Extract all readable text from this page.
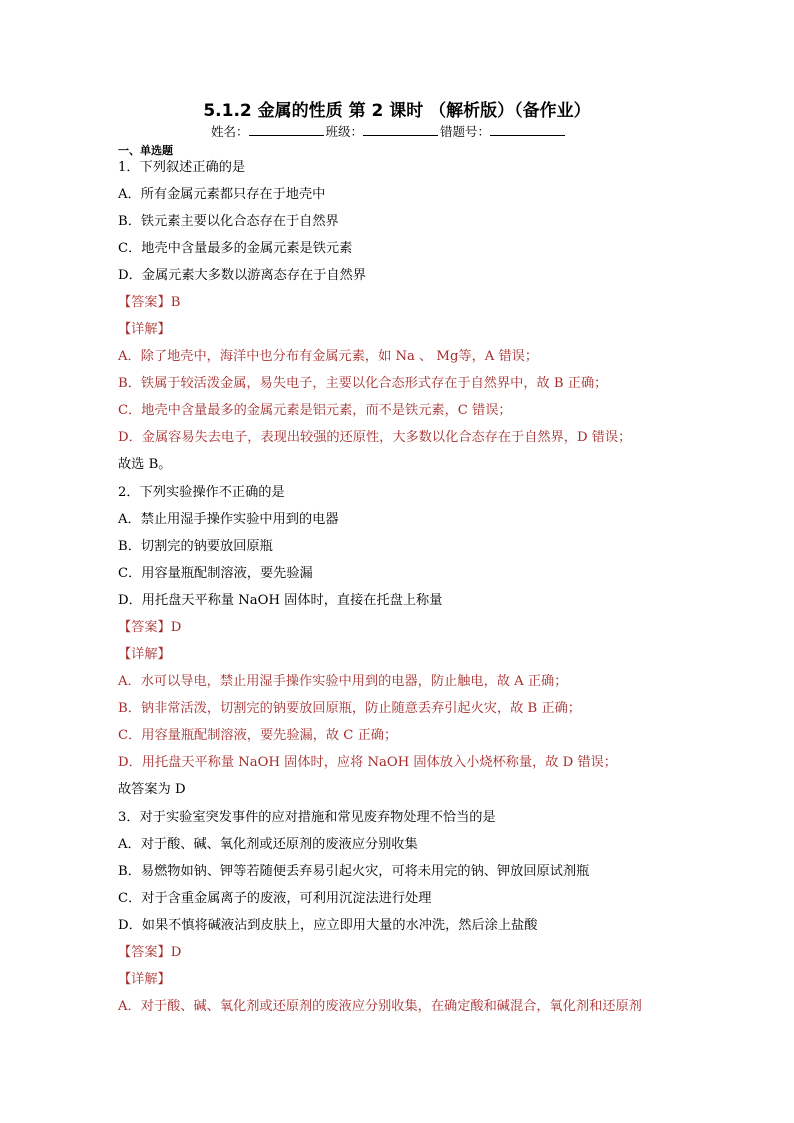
5.1.2 金属的性质 第 2 课时 （解析版）（备作业）
姓名：	班级：	错题号：
一、单选题
1．下列叙述正确的是
A．所有金属元素都只存在于地壳中
B．铁元素主要以化合态存在于自然界
C．地壳中含量最多的金属元素是铁元素
D．金属元素大多数以游离态存在于自然界
【答案】B
【详解】
A．除了地壳中，海洋中也分布有金属元素，如 Na 、 Mg等，A 错误；
B．铁属于较活泼金属，易失电子，主要以化合态形式存在于自然界中，故 B 正确；
C．地壳中含量最多的金属元素是铝元素，而不是铁元素，C 错误；
D．金属容易失去电子，表现出较强的还原性，大多数以化合态存在于自然界，D 错误；
故选 B。
2．下列实验操作不正确的是
A．禁止用湿手操作实验中用到的电器
B．切割完的钠要放回原瓶
C．用容量瓶配制溶液，要先验漏
D．用托盘天平称量 NaOH 固体时，直接在托盘上称量
【答案】D
【详解】
A．水可以导电，禁止用湿手操作实验中用到的电器，防止触电，故 A 正确；
B．钠非常活泼，切割完的钠要放回原瓶，防止随意丢弃引起火灾，故 B 正确；
C．用容量瓶配制溶液，要先验漏，故 C 正确；
D．用托盘天平称量 NaOH 固体时，应将 NaOH 固体放入小烧杯称量，故 D 错误；
故答案为 D
3．对于实验室突发事件的应对措施和常见废弃物处理不恰当的是
A．对于酸、碱、氧化剂或还原剂的废液应分别收集
B．易燃物如钠、钾等若随便丢弃易引起火灾，可将未用完的钠、钾放回原试剂瓶
C．对于含重金属离子的废液，可利用沉淀法进行处理
D．如果不慎将碱液沾到皮肤上，应立即用大量的水冲洗，然后涂上盐酸
【答案】D
【详解】
A．对于酸、碱、氧化剂或还原剂的废液应分别收集，在确定酸和碱混合，氧化剂和还原剂
